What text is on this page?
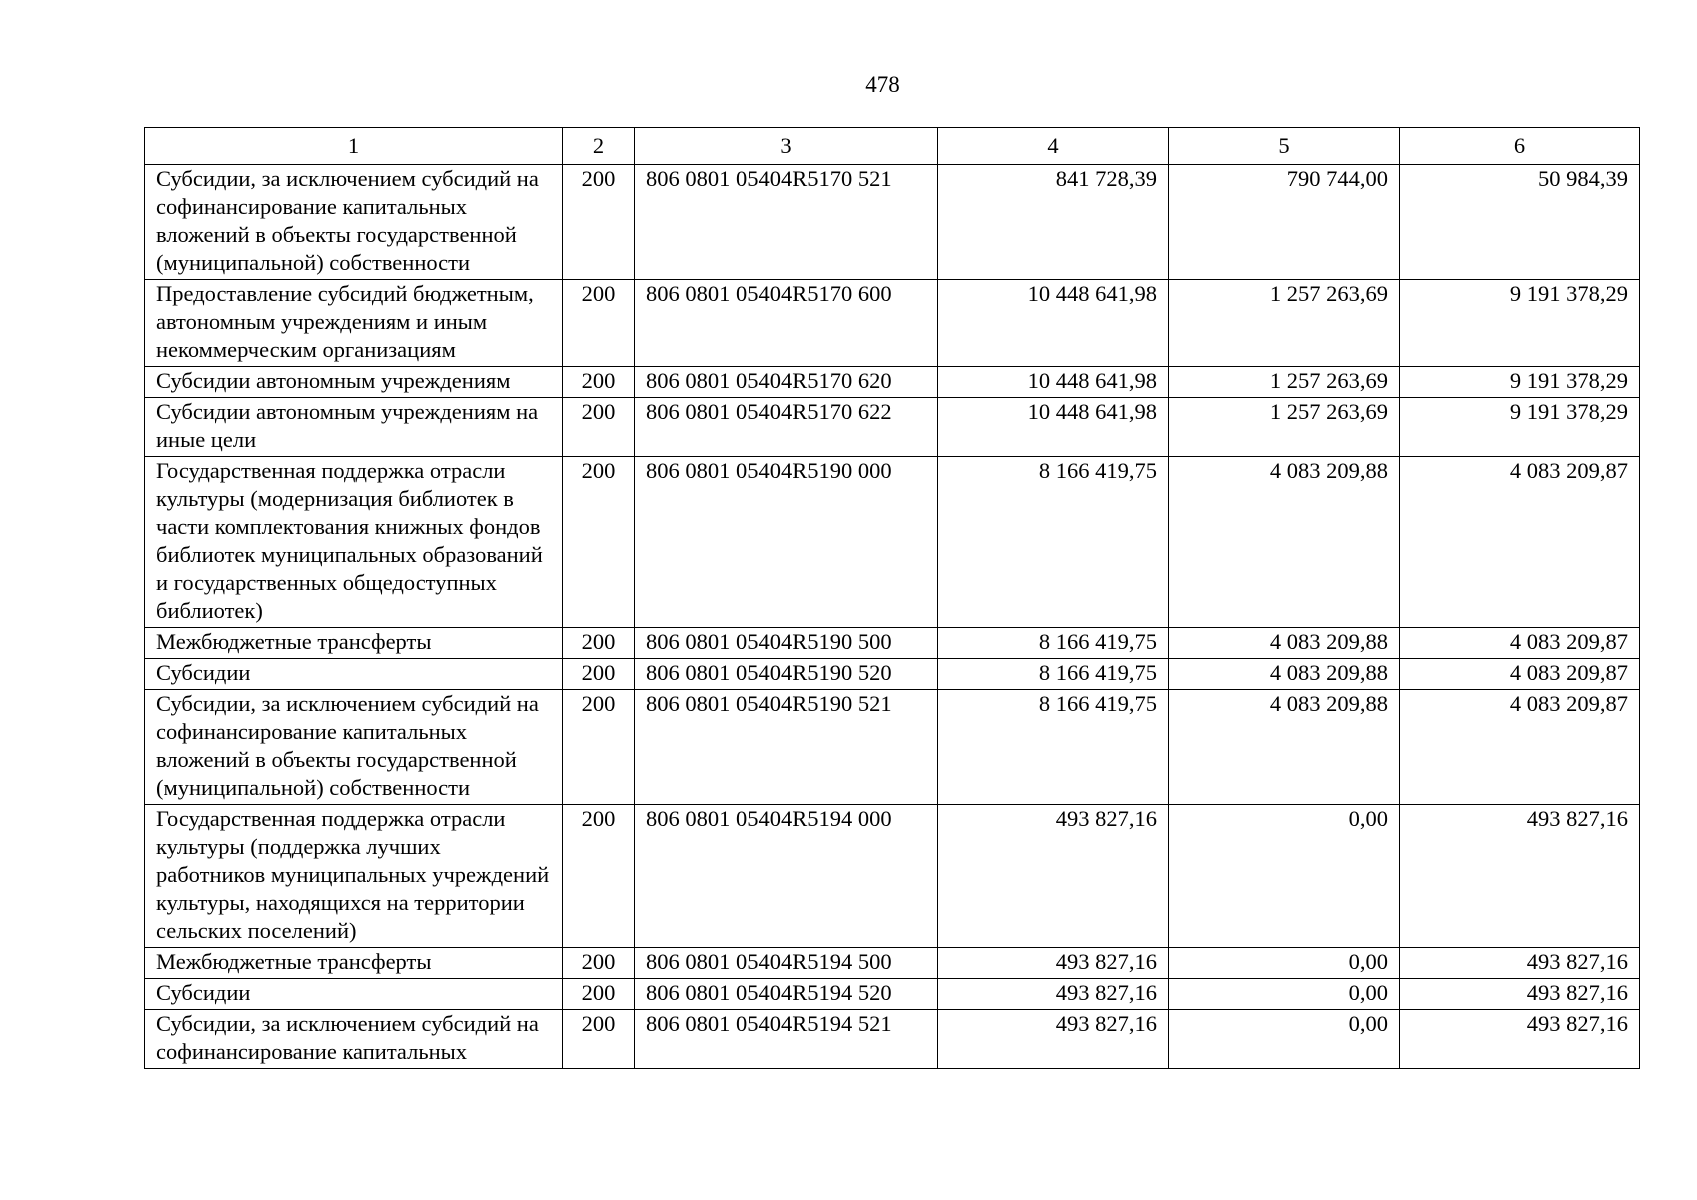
478
1	2	3	4	5	6
Субсидии, за исключением субсидий на софинансирование капитальных вложений в объекты государственной (муниципальной) собственности	200	806 0801 05404R5170 521	841 728,39	790 744,00	50 984,39
Предоставление субсидий бюджетным, автономным учреждениям и иным некоммерческим организациям	200	806 0801 05404R5170 600	10 448 641,98	1 257 263,69	9 191 378,29
Субсидии автономным учреждениям	200	806 0801 05404R5170 620	10 448 641,98	1 257 263,69	9 191 378,29
Субсидии автономным учреждениям на иные цели	200	806 0801 05404R5170 622	10 448 641,98	1 257 263,69	9 191 378,29
Государственная поддержка отрасли культуры (модернизация библиотек в части комплектования книжных фондов библиотек муниципальных образований и государственных общедоступных библиотек)	200	806 0801 05404R5190 000	8 166 419,75	4 083 209,88	4 083 209,87
Межбюджетные трансферты	200	806 0801 05404R5190 500	8 166 419,75	4 083 209,88	4 083 209,87
Субсидии	200	806 0801 05404R5190 520	8 166 419,75	4 083 209,88	4 083 209,87
Субсидии, за исключением субсидий на софинансирование капитальных вложений в объекты государственной (муниципальной) собственности	200	806 0801 05404R5190 521	8 166 419,75	4 083 209,88	4 083 209,87
Государственная поддержка отрасли культуры (поддержка лучших работников муниципальных учреждений культуры, находящихся на территории сельских поселений)	200	806 0801 05404R5194 000	493 827,16	0,00	493 827,16
Межбюджетные трансферты	200	806 0801 05404R5194 500	493 827,16	0,00	493 827,16
Субсидии	200	806 0801 05404R5194 520	493 827,16	0,00	493 827,16
Субсидии, за исключением субсидий на софинансирование капитальных	200	806 0801 05404R5194 521	493 827,16	0,00	493 827,16
